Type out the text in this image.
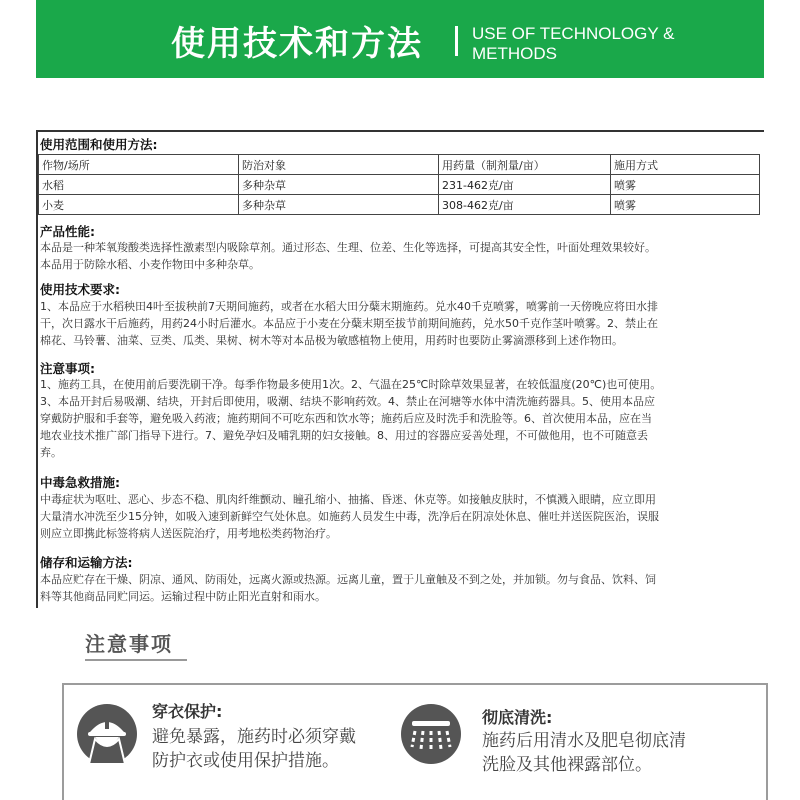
使用技术和方法	USE OF TECHNOLOGY &
METHODS
使用范围和使用方法:
作物/场所	防治对象	用药量（制剂量/亩）	施用方式
水稻	多种杂草	231-462克/亩	喷雾
小麦	多种杂草	308-462克/亩	喷雾
产品性能:
本品是一种苯氧羧酸类选择性激素型内吸除草剂。通过形态、生理、位差、生化等选择，可提高其安全性，叶面处理效果较好。
本品用于防除水稻、小麦作物田中多种杂草。
使用技术要求:
1、本品应于水稻秧田4叶至拔秧前7天期间施药，或者在水稻大田分蘖末期施药。兑水40千克喷雾，喷雾前一天傍晚应将田水排
干，次日露水干后施药，用药24小时后灌水。本品应于小麦在分蘖末期至拔节前期间施药，兑水50千克作茎叶喷雾。2、禁止在
棉花、马铃薯、油菜、豆类、瓜类、果树、树木等对本品极为敏感植物上使用，用药时也要防止雾滴漂移到上述作物田。
注意事项:
1、施药工具，在使用前后要洗刷干净。每季作物最多使用1次。2、气温在25℃时除草效果显著，在较低温度(20℃)也可使用。
3、本品开封后易吸潮、结块，开封后即使用，吸潮、结块不影响药效。4、禁止在河塘等水体中清洗施药器具。5、使用本品应
穿戴防护服和手套等，避免吸入药液；施药期间不可吃东西和饮水等；施药后应及时洗手和洗脸等。6、首次使用本品，应在当
地农业技术推广部门指导下进行。7、避免孕妇及哺乳期的妇女接触。8、用过的容器应妥善处理，不可做他用，也不可随意丢
弃。
中毒急救措施:
中毒症状为呕吐、恶心、步态不稳、肌肉纤维颤动、瞳孔缩小、抽搐、昏迷、休克等。如接触皮肤时，不慎溅入眼睛，应立即用
大量清水冲洗至少15分钟，如吸入速到新鲜空气处休息。如施药人员发生中毒，洗净后在阴凉处休息、催吐并送医院医治，误服
则应立即携此标签将病人送医院治疗，用考地松类药物治疗。
储存和运输方法:
本品应贮存在干燥、阴凉、通风、防雨处，远离火源或热源。远离儿童，置于儿童触及不到之处，并加锁。勿与食品、饮料、饲
料等其他商品同贮同运。运输过程中防止阳光直射和雨水。
注意事项
穿衣保护:
避免暴露，施药时必须穿戴
防护衣或使用保护措施。
彻底清洗:
施药后用清水及肥皂彻底清
洗脸及其他裸露部位。
